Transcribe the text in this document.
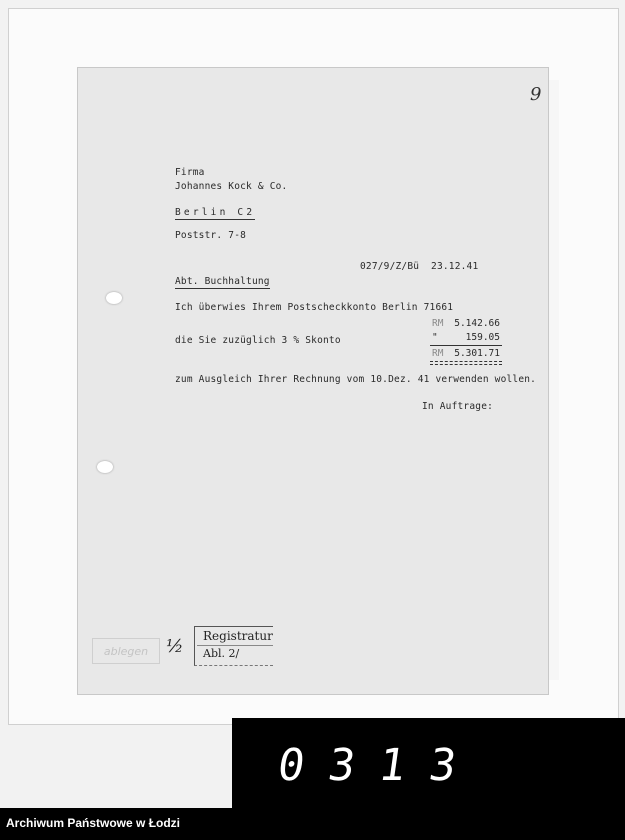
9
Firma
Johannes Kock & Co.
Berlin C2
Poststr. 7-8
027/9/Z/Bü  23.12.41
Abt. Buchhaltung
Ich überwies Ihrem Postscheckkonto Berlin 71661
die Sie zuzüglich 3 % Skonto
zum Ausgleich Ihrer Rechnung vom 10.Dez. 41 verwenden wollen.
In Auftrage:
RM 5.142.66
"	159.05
RM 5.301.71
ablegen ½ Registratur
Abl. 2/
0313
Archiwum Państwowe w Łodzi
